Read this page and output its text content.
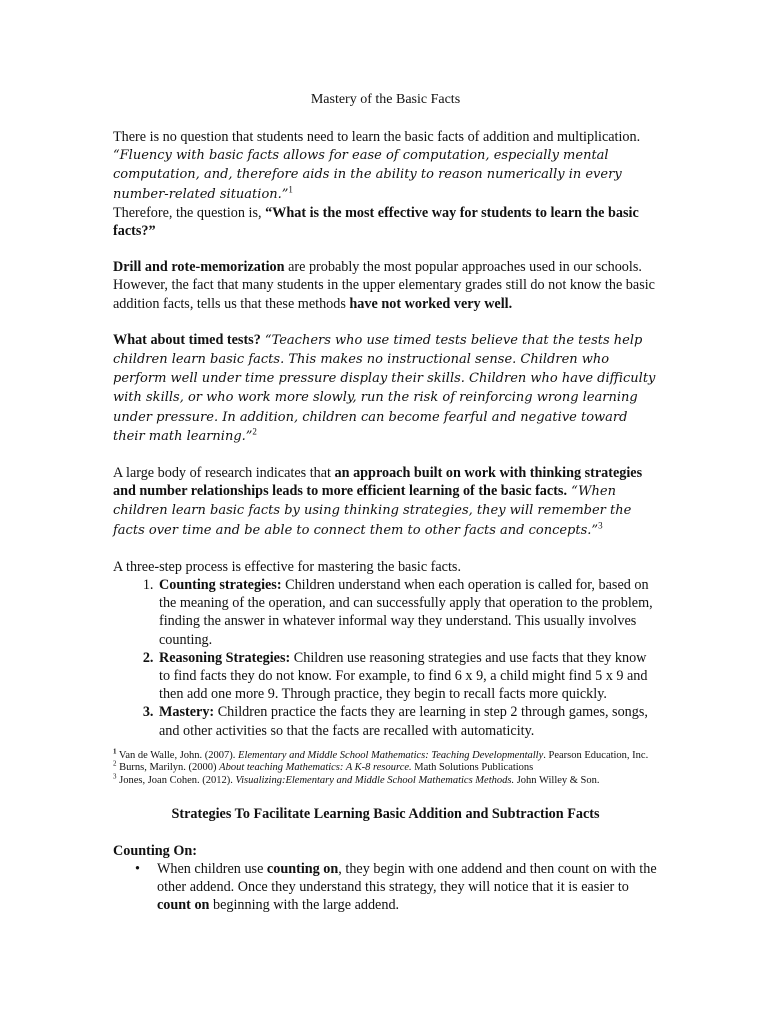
Mastery of the Basic Facts

There is no question that students need to learn the basic facts of addition and multiplication. “Fluency with basic facts allows for ease of computation, especially mental computation, and, therefore aids in the ability to reason numerically in every number-related situation.”$^1$

Therefore, the question is, “What is the most effective way for students to learn the basic facts?”

Drill and rote-memorization are probably the most popular approaches used in our schools. However, the fact that many students in the upper elementary grades still do not know the basic addition facts, tells us that these methods have not worked very well.

What about timed tests? “Teachers who use timed tests believe that the tests help children learn basic facts. This makes no instructional sense. Children who perform well under time pressure display their skills. Children who have difficulty with skills, or who work more slowly, run the risk of reinforcing wrong learning under pressure. In addition, children can become fearful and negative toward their math learning.”$^2$

A large body of research indicates that an approach built on work with thinking strategies and number relationships leads to more efficient learning of the basic facts. “When children learn basic facts by using thinking strategies, they will remember the facts over time and be able to connect them to other facts and concepts.”$^3$

A three-step process is effective for mastering the basic facts.

1. Counting strategies: Children understand when each operation is called for, based on the meaning of the operation, and can successfully apply that operation to the problem, finding the answer in whatever informal way they understand. This usually involves counting.
2. Reasoning Strategies: Children use reasoning strategies and use facts that they know to find facts they do not know. For example, to find 6 x 9, a child might find 5 x 9 and then add one more 9. Through practice, they begin to recall facts more quickly.
3. Mastery: Children practice the facts they are learning in step 2 through games, songs, and other activities so that the facts are recalled with automaticity.

$^1$ Van de Walle, John. (2007). Elementary and Middle School Mathematics: Teaching Developmentally. Pearson Education, Inc.

$^2$ Burns, Marilyn. (2000) About teaching Mathematics: A K-8 resource. Math Solutions Publications

$^3$ Jones, Joan Cohen. (2012). Visualizing:Elementary and Middle School Mathematics Methods. John Willey & Son.

Strategies To Facilitate Learning Basic Addition and Subtraction Facts

Counting On:

• When children use counting on, they begin with one addend and then count on with the other addend. Once they understand this strategy, they will notice that it is easier to count on beginning with the large addend.
